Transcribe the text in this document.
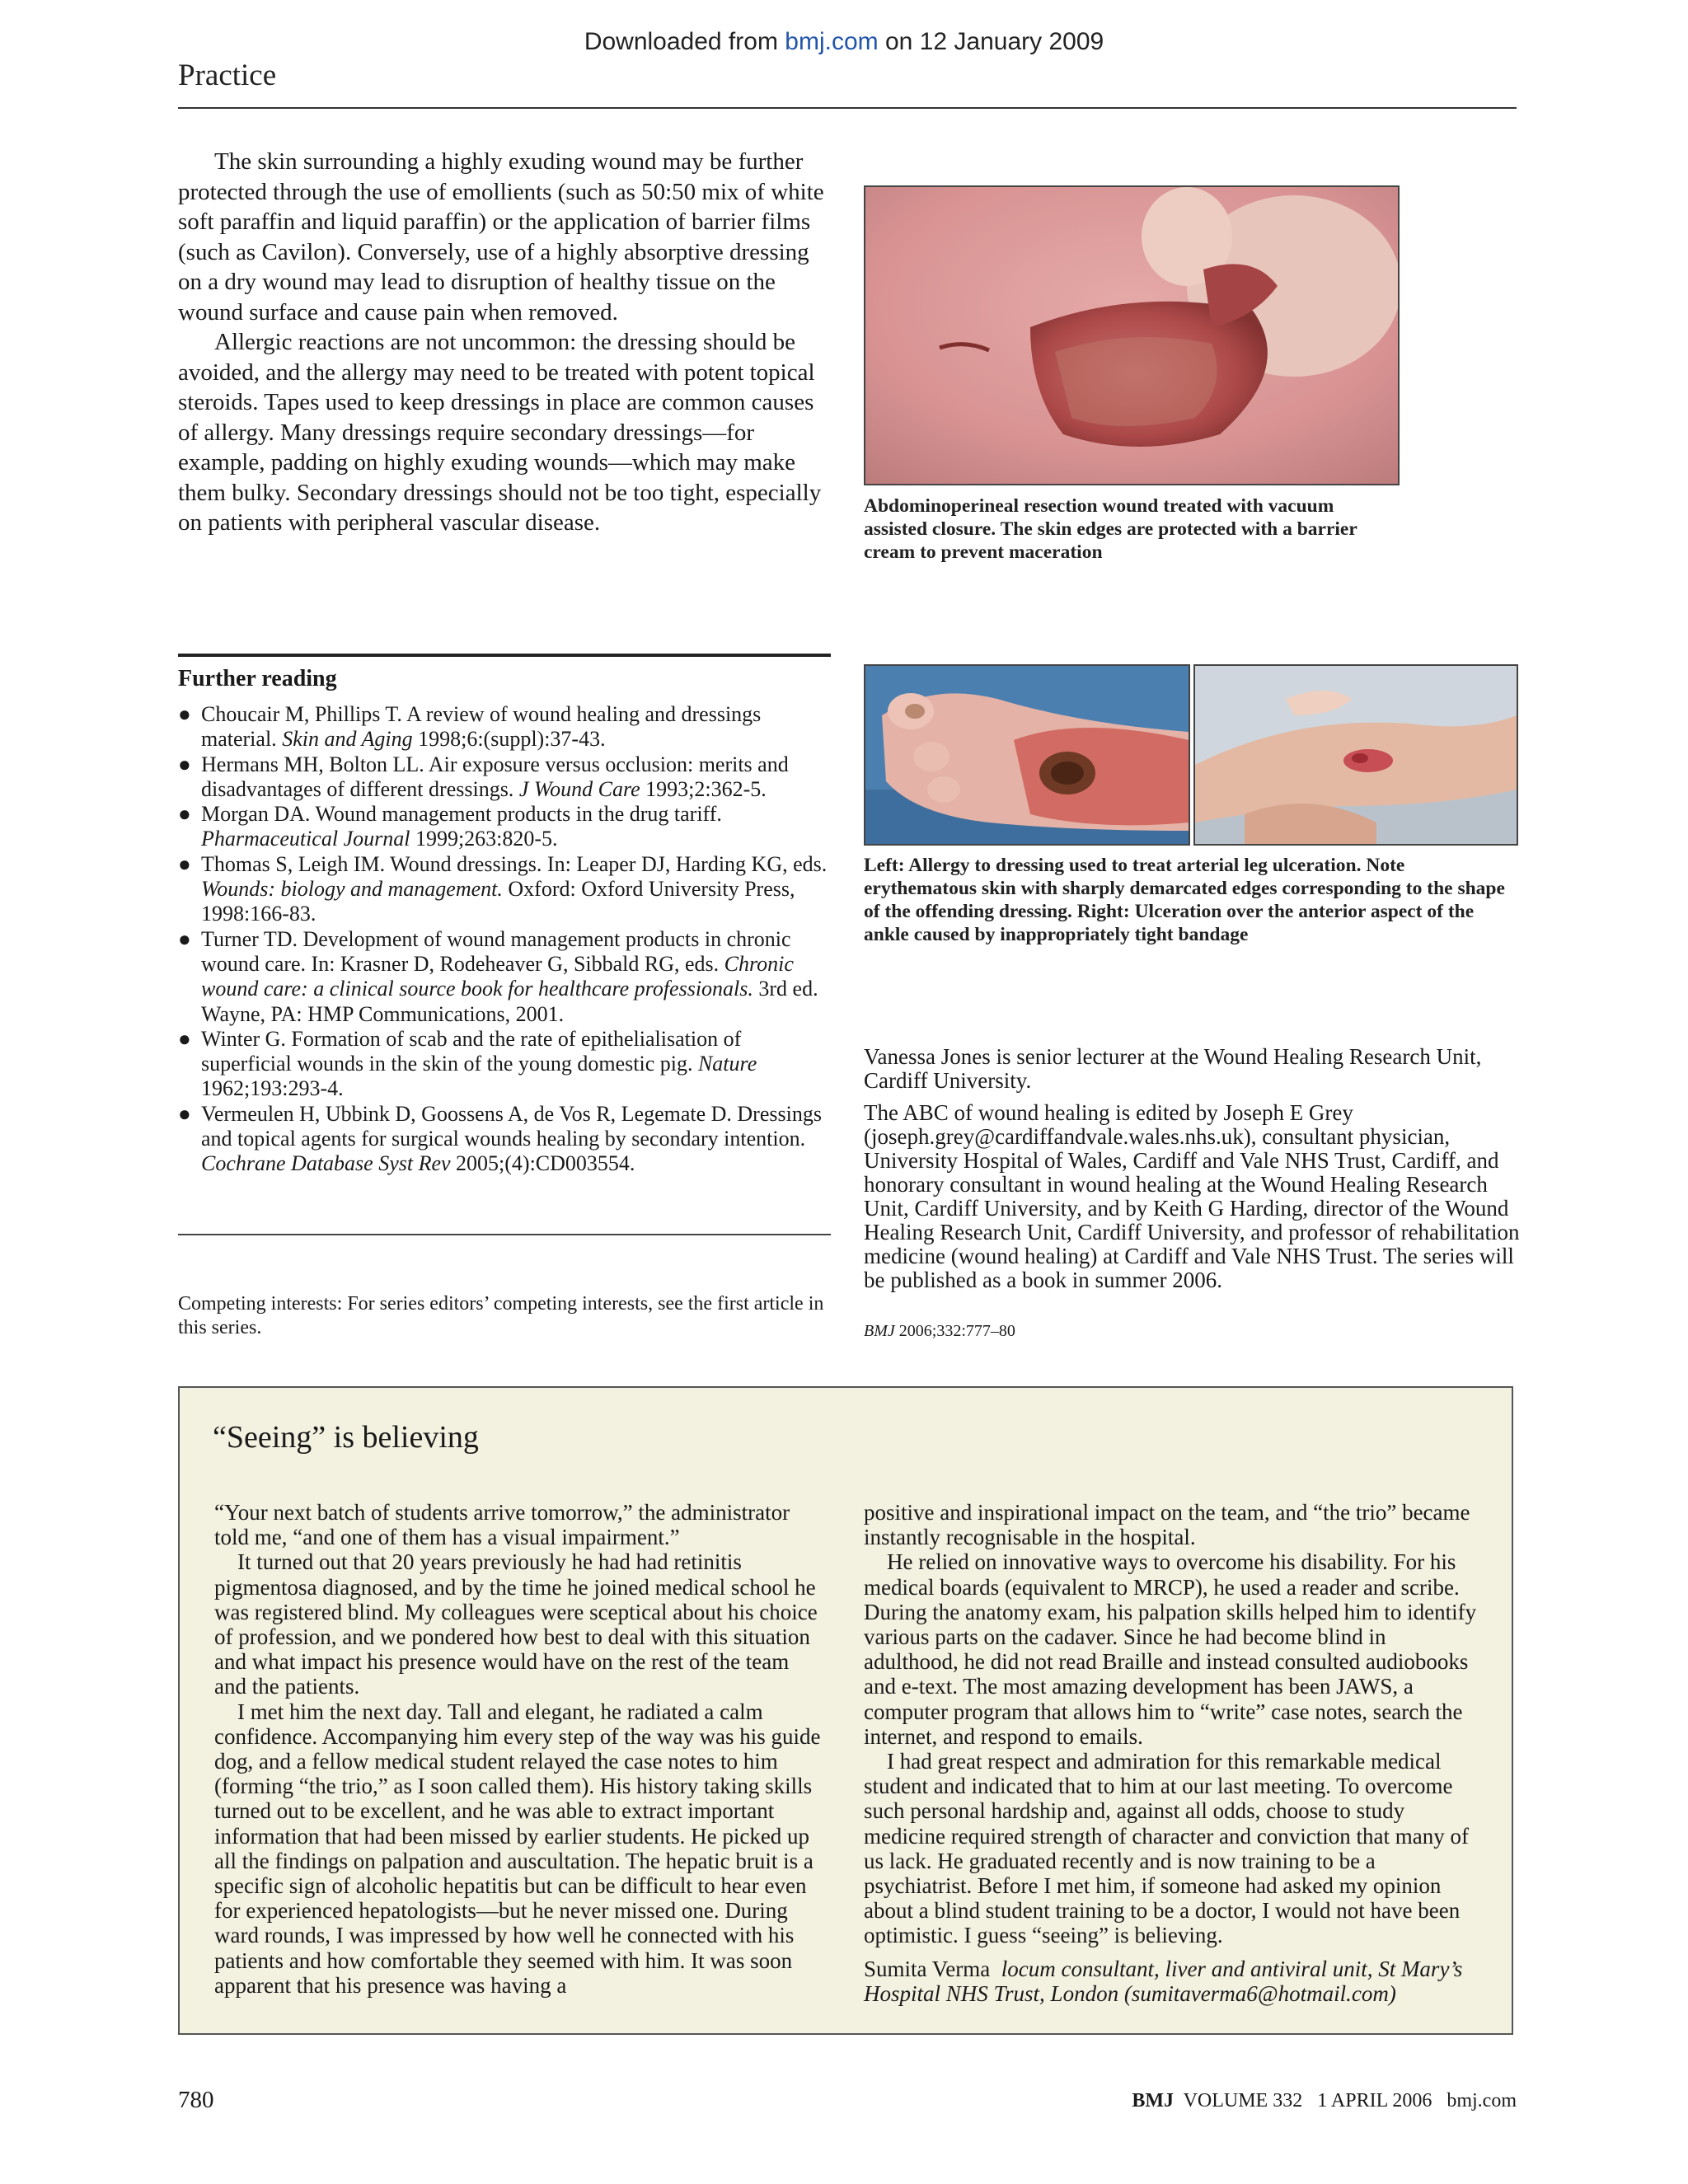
Downloaded from bmj.com on 12 January 2009
Practice

The skin surrounding a highly exuding wound may be further protected through the use of emollients (such as 50:50 mix of white soft paraffin and liquid paraffin) or the application of barrier films (such as Cavilon). Conversely, use of a highly absorptive dressing on a dry wound may lead to disruption of healthy tissue on the wound surface and cause pain when removed.

Allergic reactions are not uncommon: the dressing should be avoided, and the allergy may need to be treated with potent topical steroids. Tapes used to keep dressings in place are common causes of allergy. Many dressings require secondary dressings—for example, padding on highly exuding wounds—which may make them bulky. Secondary dressings should not be too tight, especially on patients with peripheral vascular disease.

Abdominoperineal resection wound treated with vacuum assisted closure. The skin edges are protected with a barrier cream to prevent maceration
Left: Allergy to dressing used to treat arterial leg ulceration. Note erythematous skin with sharply demarcated edges corresponding to the shape of the offending dressing. Right: Ulceration over the anterior aspect of the ankle caused by inappropriately tight bandage
Further reading
● Choucair M, Phillips T. A review of wound healing and dressings material. Skin and Aging 1998;6:(suppl):37-43.
● Hermans MH, Bolton LL. Air exposure versus occlusion: merits and disadvantages of different dressings. J Wound Care 1993;2:362-5.
● Morgan DA. Wound management products in the drug tariff. Pharmaceutical Journal 1999;263:820-5.
● Thomas S, Leigh IM. Wound dressings. In: Leaper DJ, Harding KG, eds. Wounds: biology and management. Oxford: Oxford University Press, 1998:166-83.
● Turner TD. Development of wound management products in chronic wound care. In: Krasner D, Rodeheaver G, Sibbald RG, eds. Chronic wound care: a clinical source book for healthcare professionals. 3rd ed. Wayne, PA: HMP Communications, 2001.
● Winter G. Formation of scab and the rate of epithelialisation of superficial wounds in the skin of the young domestic pig. Nature 1962;193:293-4.
● Vermeulen H, Ubbink D, Goossens A, de Vos R, Legemate D. Dressings and topical agents for surgical wounds healing by secondary intention. Cochrane Database Syst Rev 2005;(4):CD003554.
Competing interests: For series editors’ competing interests, see the first article in this series.

Vanessa Jones is senior lecturer at the Wound Healing Research Unit, Cardiff University.

The ABC of wound healing is edited by Joseph E Grey (joseph.grey@cardiffandvale.wales.nhs.uk), consultant physician, University Hospital of Wales, Cardiff and Vale NHS Trust, Cardiff, and honorary consultant in wound healing at the Wound Healing Research Unit, Cardiff University, and by Keith G Harding, director of the Wound Healing Research Unit, Cardiff University, and professor of rehabilitation medicine (wound healing) at Cardiff and Vale NHS Trust. The series will be published as a book in summer 2006.

BMJ 2006;332:777–80
“Seeing” is believing

“Your next batch of students arrive tomorrow,” the administrator told me, “and one of them has a visual impairment.”

It turned out that 20 years previously he had had retinitis pigmentosa diagnosed, and by the time he joined medical school he was registered blind. My colleagues were sceptical about his choice of profession, and we pondered how best to deal with this situation and what impact his presence would have on the rest of the team and the patients.

I met him the next day. Tall and elegant, he radiated a calm confidence. Accompanying him every step of the way was his guide dog, and a fellow medical student relayed the case notes to him (forming “the trio,” as I soon called them). His history taking skills turned out to be excellent, and he was able to extract important information that had been missed by earlier students. He picked up all the findings on palpation and auscultation. The hepatic bruit is a specific sign of alcoholic hepatitis but can be difficult to hear even for experienced hepatologists—but he never missed one. During ward rounds, I was impressed by how well he connected with his patients and how comfortable they seemed with him. It was soon apparent that his presence was having a

positive and inspirational impact on the team, and “the trio” became instantly recognisable in the hospital.

He relied on innovative ways to overcome his disability. For his medical boards (equivalent to MRCP), he used a reader and scribe. During the anatomy exam, his palpation skills helped him to identify various parts on the cadaver. Since he had become blind in adulthood, he did not read Braille and instead consulted audiobooks and e-text. The most amazing development has been JAWS, a computer program that allows him to “write” case notes, search the internet, and respond to emails.

I had great respect and admiration for this remarkable medical student and indicated that to him at our last meeting. To overcome such personal hardship and, against all odds, choose to study medicine required strength of character and conviction that many of us lack. He graduated recently and is now training to be a psychiatrist. Before I met him, if someone had asked my opinion about a blind student training to be a doctor, I would not have been optimistic. I guess “seeing” is believing.

Sumita Verma locum consultant, liver and antiviral unit, St Mary’s Hospital NHS Trust, London (sumitaverma6@hotmail.com)

780	BMJ VOLUME 332 1 APRIL 2006 bmj.com
